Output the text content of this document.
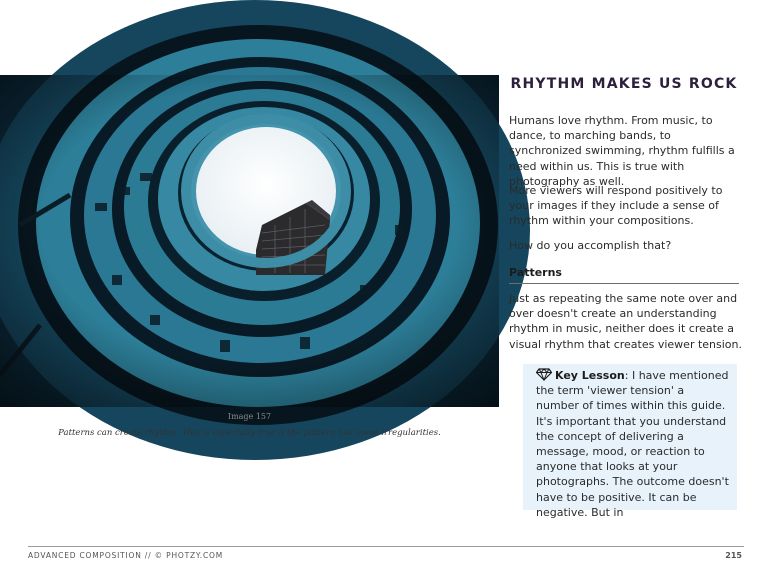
Image 157
Patterns can create rhythm. This is especially true if the pattern has some irregularities.
RHYTHM MAKES US ROCK

Humans love rhythm. From music, to dance, to marching bands, to synchronized swimming, rhythm fulfills a need within us. This is true with photography as well.

More viewers will respond positively to your images if they include a sense of rhythm within your compositions.

How do you accomplish that?

Patterns

Just as repeating the same note over and over doesn't create an understanding rhythm in music, neither does it create a visual rhythm that creates viewer tension.

Key Lesson: I have mentioned the term 'viewer tension' a number of times within this guide. It's important that you understand the concept of delivering a message, mood, or reaction to anyone that looks at your photographs. The outcome doesn't have to be positive. It can be negative. But in
ADVANCED COMPOSITION // © PHOTZY.COM	215
